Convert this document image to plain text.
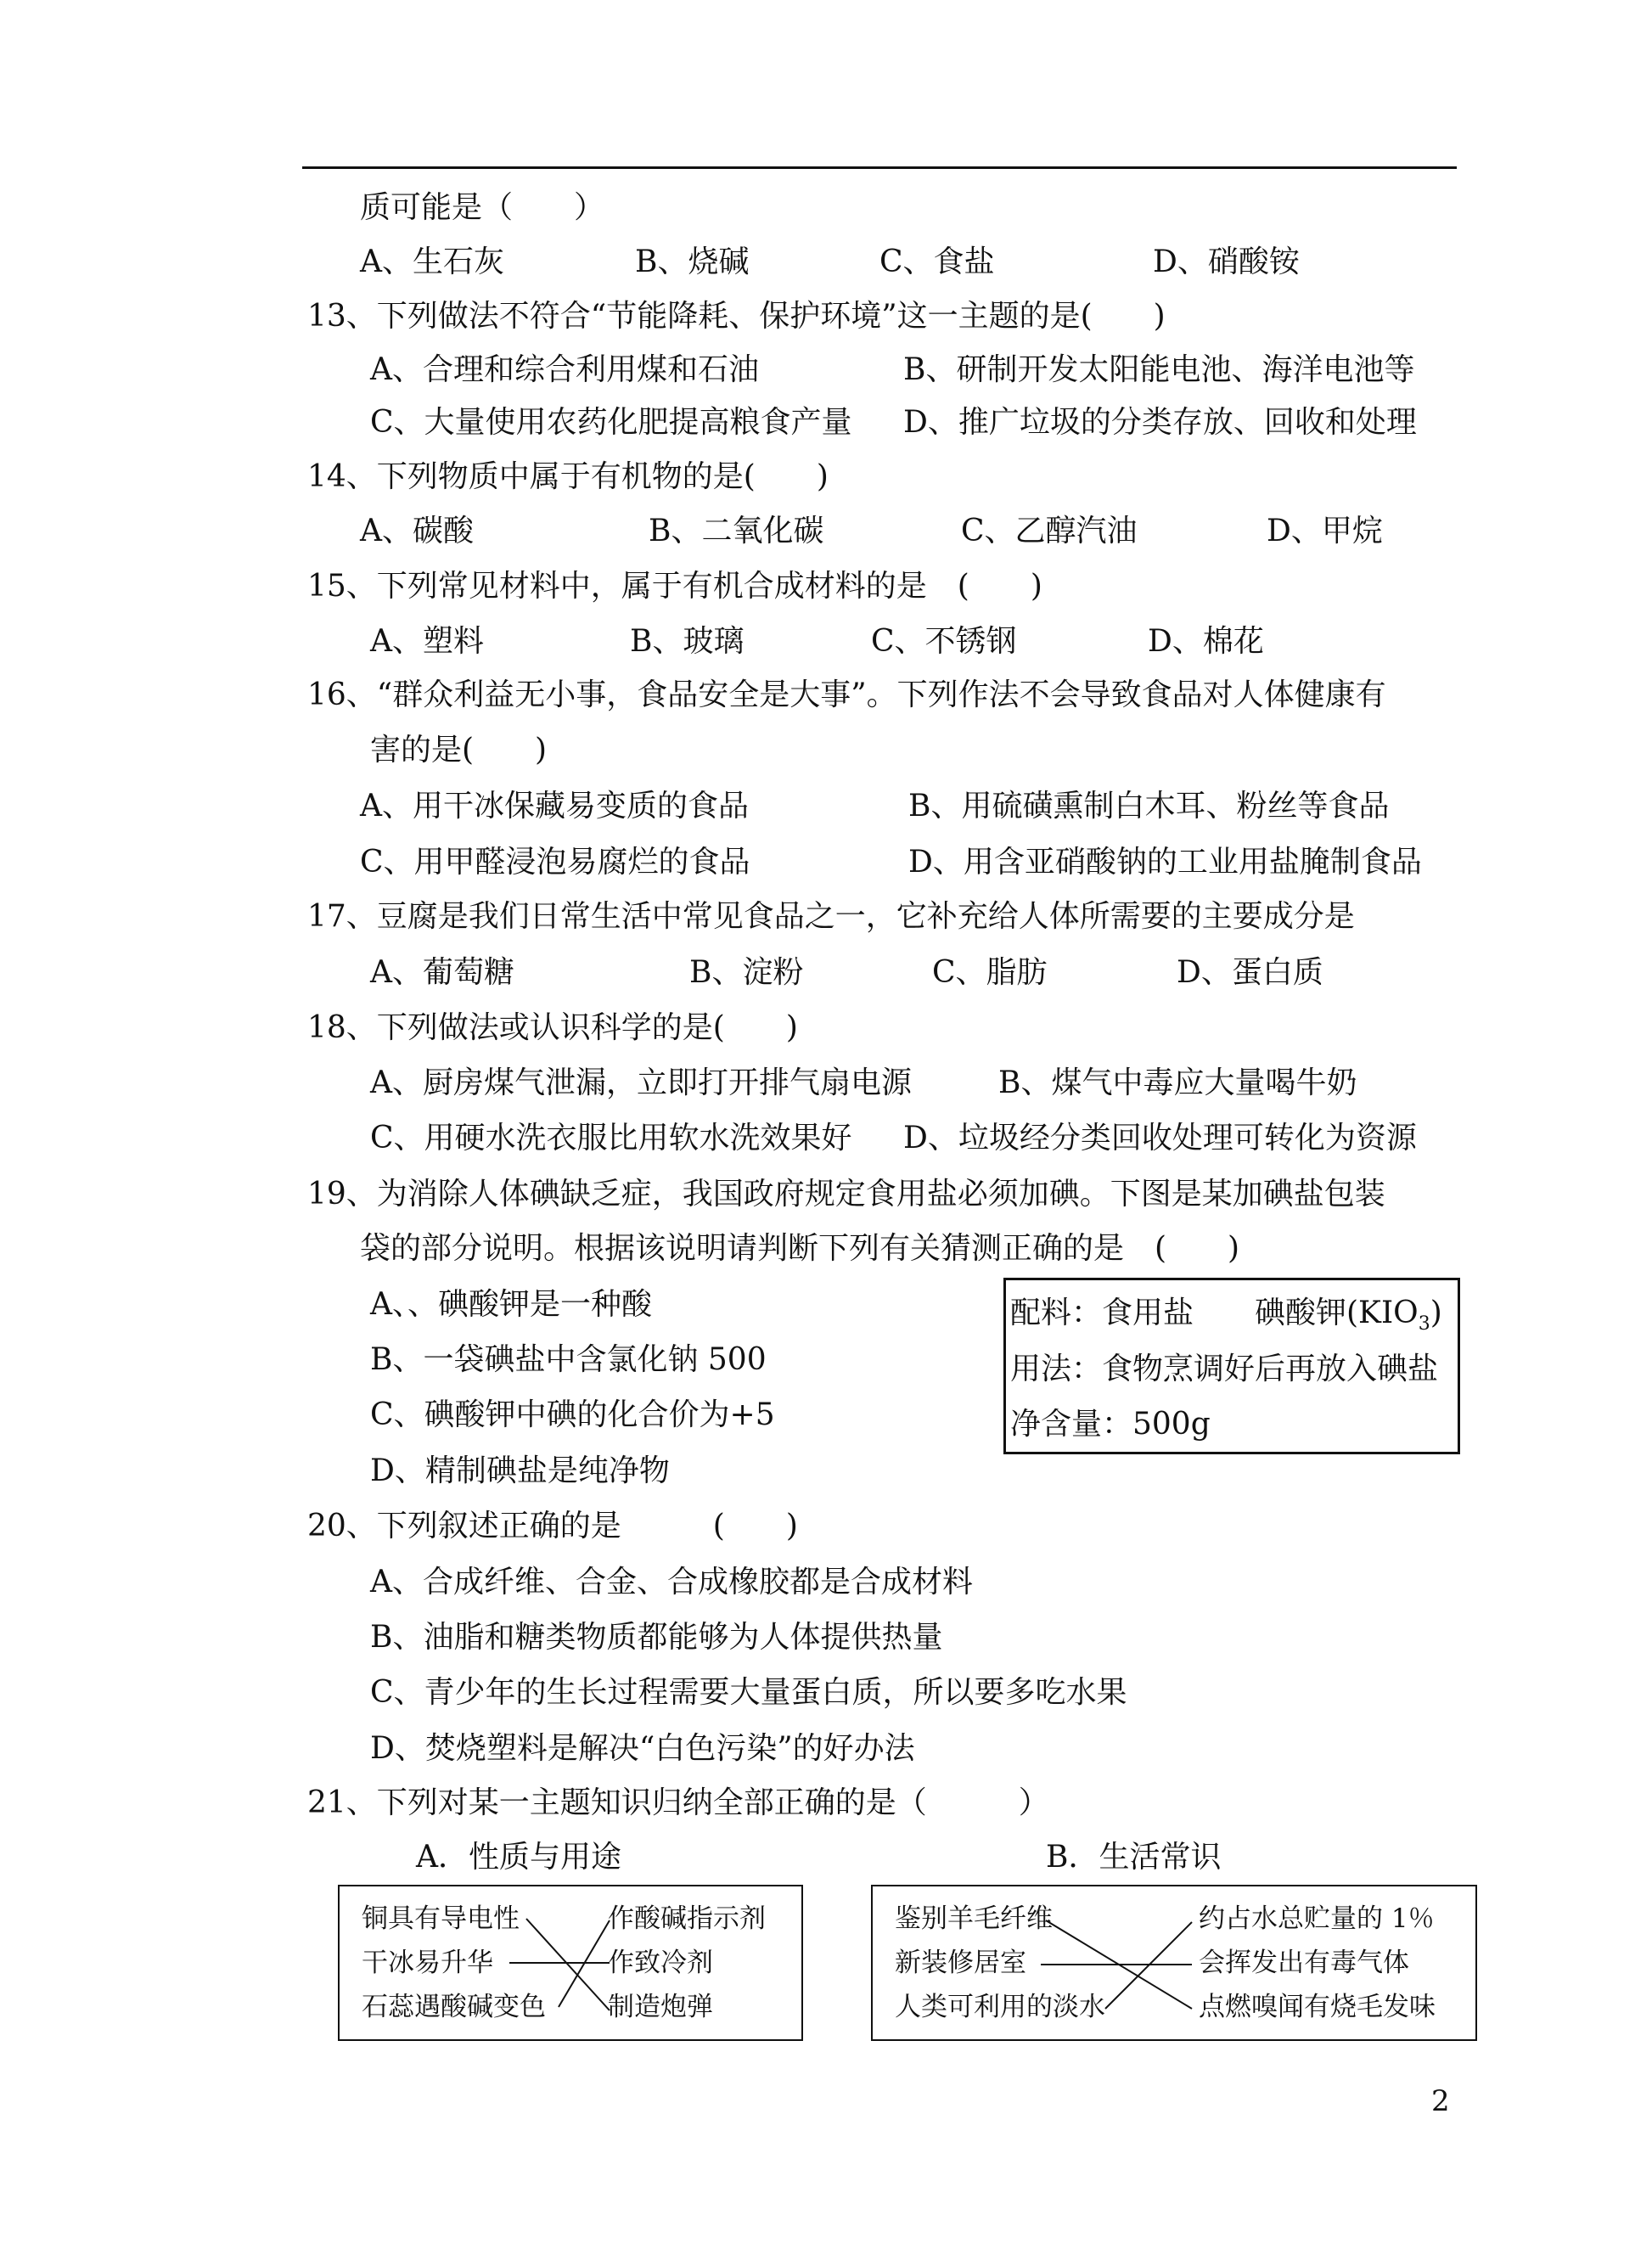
质可能是（　　）
A、生石灰	B、烧碱	C、食盐	D、硝酸铵
13、下列做法不符合“节能降耗、保护环境”这一主题的是(　　)
A、合理和综合利用煤和石油	B、研制开发太阳能电池、海洋电池等
C、大量使用农药化肥提高粮食产量 D、推广垃圾的分类存放、回收和处理
14、下列物质中属于有机物的是(　　)
A、碳酸	B、二氧化碳	C、乙醇汽油	D、甲烷
15、下列常见材料中，属于有机合成材料的是　(　　)
A、塑料	B、玻璃	C、不锈钢	D、棉花
16、“群众利益无小事，食品安全是大事”。下列作法不会导致食品对人体健康有
害的是(　　)
A、用干冰保藏易变质的食品	B、用硫磺熏制白木耳、粉丝等食品
C、用甲醛浸泡易腐烂的食品	D、用含亚硝酸钠的工业用盐腌制食品
17、豆腐是我们日常生活中常见食品之一，它补充给人体所需要的主要成分是
A、葡萄糖	B、淀粉	C、脂肪	D、蛋白质
18、下列做法或认识科学的是(　　)
A、厨房煤气泄漏，立即打开排气扇电源	B、煤气中毒应大量喝牛奶
C、用硬水洗衣服比用软水洗效果好 D、垃圾经分类回收处理可转化为资源
19、为消除人体碘缺乏症，我国政府规定食用盐必须加碘。下图是某加碘盐包装
袋的部分说明。根据该说明请判断下列有关猜测正确的是　(　　)
A、、碘酸钾是一种酸
B、一袋碘盐中含氯化钠 500
C、碘酸钾中碘的化合价为+5
D、精制碘盐是纯净物
配料：食用盐　　碘酸钾$(KIO_3)$
用法：食物烹调好后再放入碘盐
净含量：500g
20、下列叙述正确的是　　　(　　)
A、合成纤维、合金、合成橡胶都是合成材料
B、油脂和糖类物质都能够为人体提供热量
C、青少年的生长过程需要大量蛋白质，所以要多吃水果
D、焚烧塑料是解决“白色污染”的好办法
21、下列对某一主题知识归纳全部正确的是（　　　）
A．性质与用途	B．生活常识
铜具有导电性
干冰易升华
石蕊遇酸碱变色
作酸碱指示剂
作致冷剂
制造炮弹
鉴别羊毛纤维
新装修居室
人类可利用的淡水
约占水总贮量的 1％
会挥发出有毒气体
点燃嗅闻有烧毛发味
2
